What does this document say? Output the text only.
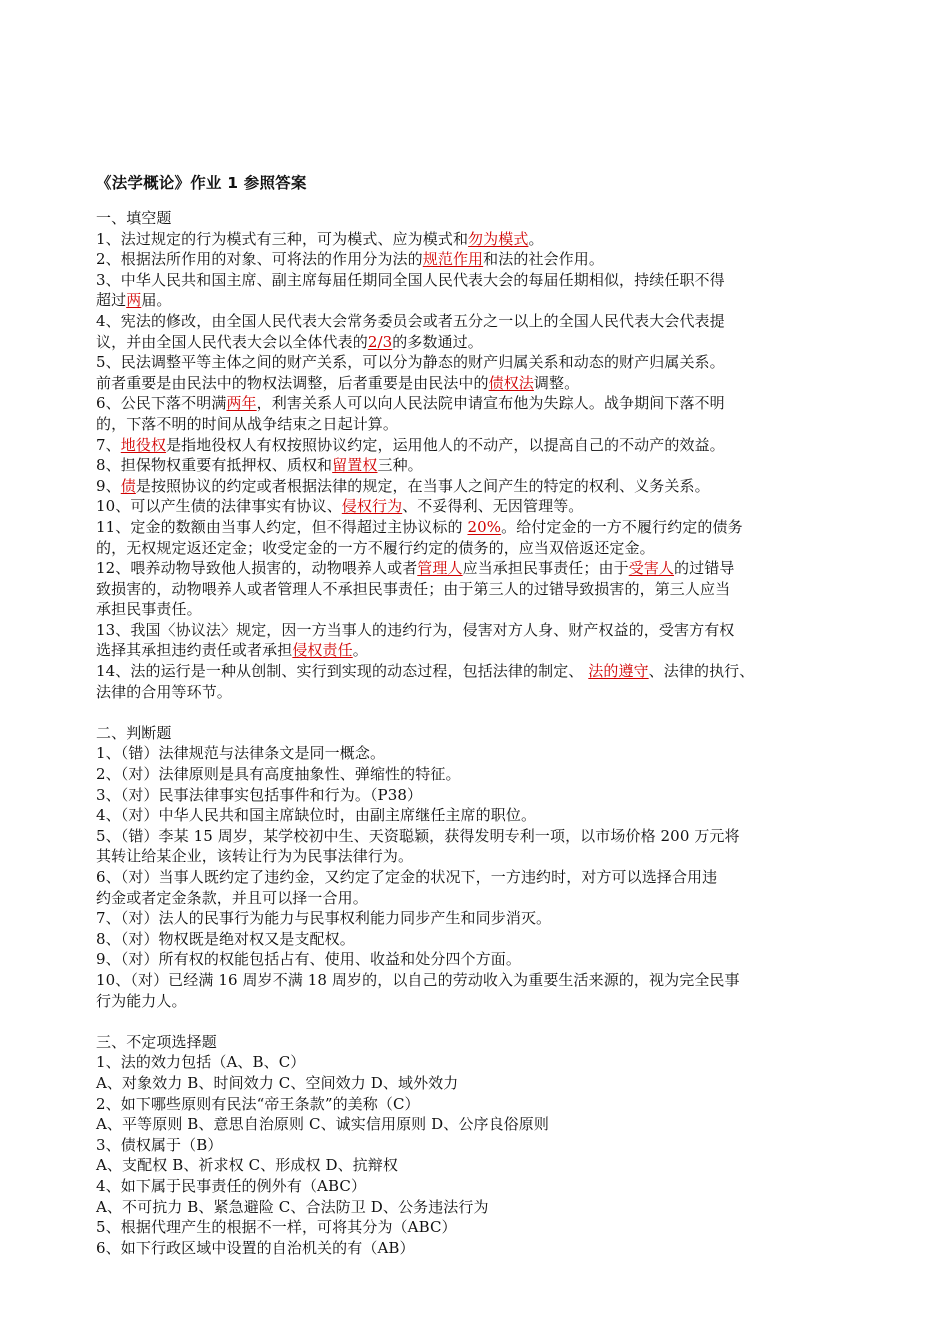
《法学概论》作业 1 参照答案
一、填空题
1、法过规定的行为模式有三种，可为模式、应为模式和勿为模式。
2、根据法所作用的对象、可将法的作用分为法的规范作用和法的社会作用。
3、中华人民共和国主席、副主席每届任期同全国人民代表大会的每届任期相似，持续任职不得
超过两届。
4、宪法的修改，由全国人民代表大会常务委员会或者五分之一以上的全国人民代表大会代表提
议，并由全国人民代表大会以全体代表的2/3的多数通过。
5、民法调整平等主体之间的财产关系，可以分为静态的财产归属关系和动态的财产归属关系。
前者重要是由民法中的物权法调整，后者重要是由民法中的债权法调整。
6、公民下落不明满两年，利害关系人可以向人民法院申请宣布他为失踪人。战争期间下落不明
的，下落不明的时间从战争结束之日起计算。
7、地役权是指地役权人有权按照协议约定，运用他人的不动产，以提高自己的不动产的效益。
8、担保物权重要有抵押权、质权和留置权三种。
9、债是按照协议的约定或者根据法律的规定，在当事人之间产生的特定的权利、义务关系。
10、可以产生债的法律事实有协议、侵权行为、不妥得利、无因管理等。
11、定金的数额由当事人约定，但不得超过主协议标的 20%。给付定金的一方不履行约定的债务
的，无权规定返还定金；收受定金的一方不履行约定的债务的，应当双倍返还定金。
12、喂养动物导致他人损害的，动物喂养人或者管理人应当承担民事责任；由于受害人的过错导
致损害的，动物喂养人或者管理人不承担民事责任；由于第三人的过错导致损害的，第三人应当
承担民事责任。
13、我国〈协议法〉规定，因一方当事人的违约行为，侵害对方人身、财产权益的，受害方有权
选择其承担违约责任或者承担侵权责任。
14、法的运行是一种从创制、实行到实现的动态过程，包括法律的制定、 法的遵守、法律的执行、
法律的合用等环节。
二、判断题
1、（错）法律规范与法律条文是同一概念。
2、（对）法律原则是具有高度抽象性、弹缩性的特征。
3、（对）民事法律事实包括事件和行为。（P38）
4、（对）中华人民共和国主席缺位时，由副主席继任主席的职位。
5、（错）李某 15 周岁，某学校初中生、天资聪颖，获得发明专利一项，以市场价格 200 万元将
其转让给某企业，该转让行为为民事法律行为。
6、（对）当事人既约定了违约金，又约定了定金的状况下，一方违约时，对方可以选择合用违
约金或者定金条款，并且可以择一合用。
7、（对）法人的民事行为能力与民事权利能力同步产生和同步消灭。
8、（对）物权既是绝对权又是支配权。
9、（对）所有权的权能包括占有、使用、收益和处分四个方面。
10、（对）已经满 16 周岁不满 18 周岁的，以自己的劳动收入为重要生活来源的，视为完全民事
行为能力人。
三、不定项选择题
1、法的效力包括（A、B、C）
A、对象效力 B、时间效力 C、空间效力 D、域外效力
2、如下哪些原则有民法“帝王条款”的美称（C）
A、平等原则 B、意思自治原则 C、诚实信用原则 D、公序良俗原则
3、债权属于（B）
A、支配权 B、祈求权 C、形成权 D、抗辩权
4、如下属于民事责任的例外有（ABC）
A、不可抗力 B、紧急避险 C、合法防卫 D、公务违法行为
5、根据代理产生的根据不一样，可将其分为（ABC）
6、如下行政区域中设置的自治机关的有（AB）
